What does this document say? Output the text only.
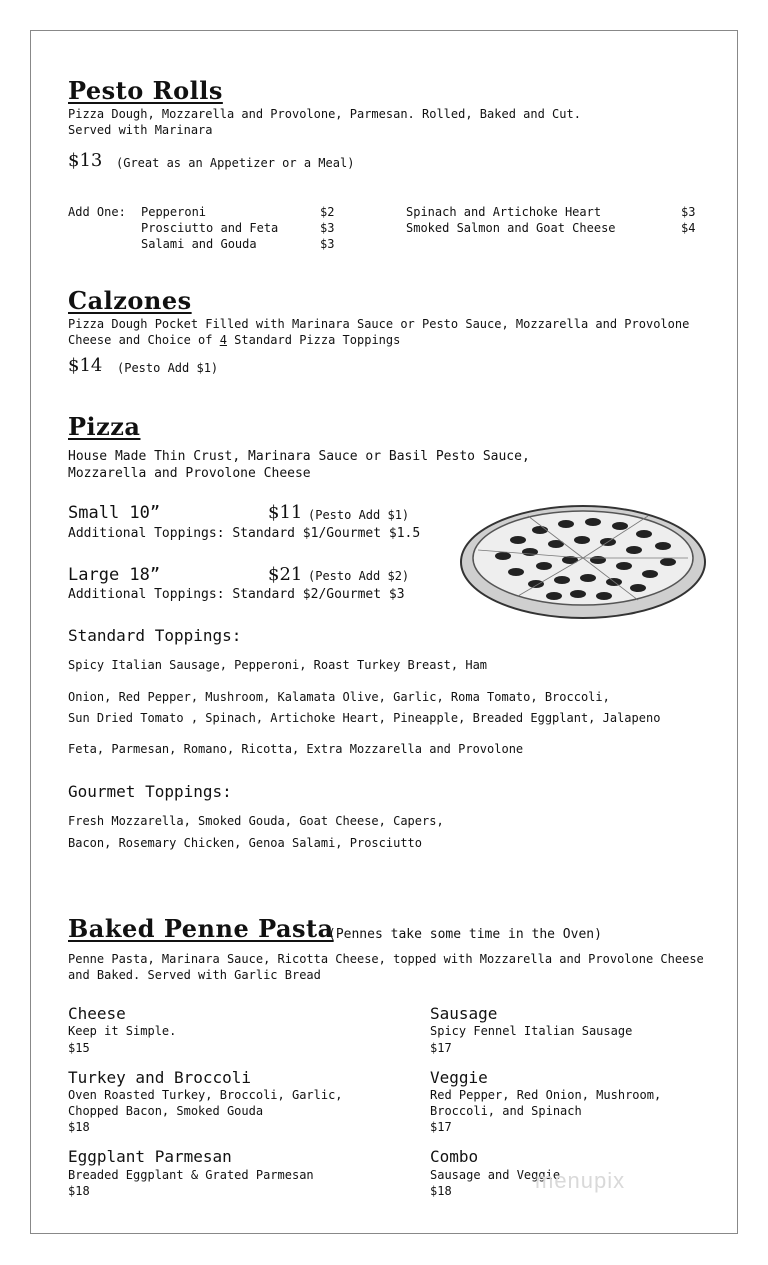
Pesto Rolls
Pizza Dough, Mozzarella and Provolone, Parmesan. Rolled, Baked and Cut.
Served with Marinara
$13 (Great as an Appetizer or a Meal)
Add One: Pepperoni	$2
Prosciutto and Feta	$3
Salami and Gouda	$3
Spinach and Artichoke Heart	$3
Smoked Salmon and Goat Cheese	$4
Calzones
Pizza Dough Pocket Filled with Marinara Sauce or Pesto Sauce, Mozzarella and Provolone
Cheese and Choice of 4 Standard Pizza Toppings
$14 (Pesto Add $1)
Pizza
House Made Thin Crust, Marinara Sauce or Basil Pesto Sauce,
Mozzarella and Provolone Cheese
Small 10”	$11 (Pesto Add $1)
Additional Toppings: Standard $1/Gourmet $1.5
Large 18”	$21 (Pesto Add $2)
Additional Toppings: Standard $2/Gourmet $3
Standard Toppings:
Spicy Italian Sausage, Pepperoni, Roast Turkey Breast, Ham
Onion, Red Pepper, Mushroom, Kalamata Olive, Garlic, Roma Tomato, Broccoli,
Sun Dried Tomato , Spinach, Artichoke Heart, Pineapple, Breaded Eggplant, Jalapeno
Feta, Parmesan, Romano, Ricotta, Extra Mozzarella and Provolone
Gourmet Toppings:
Fresh Mozzarella, Smoked Gouda, Goat Cheese, Capers,
Bacon, Rosemary Chicken, Genoa Salami, Prosciutto
Baked Penne Pasta
(Pennes take some time in the Oven)
Penne Pasta, Marinara Sauce, Ricotta Cheese, topped with Mozzarella and Provolone Cheese
and Baked. Served with Garlic Bread
Cheese
Keep it Simple.
$15
Turkey and Broccoli
Oven Roasted Turkey, Broccoli, Garlic,
Chopped Bacon, Smoked Gouda
$18
Eggplant Parmesan
Breaded Eggplant & Grated Parmesan
$18
Sausage
Spicy Fennel Italian Sausage
$17
Veggie
Red Pepper, Red Onion, Mushroom,
Broccoli, and Spinach
$17
Combo
Sausage and Veggie
$18	menupix
